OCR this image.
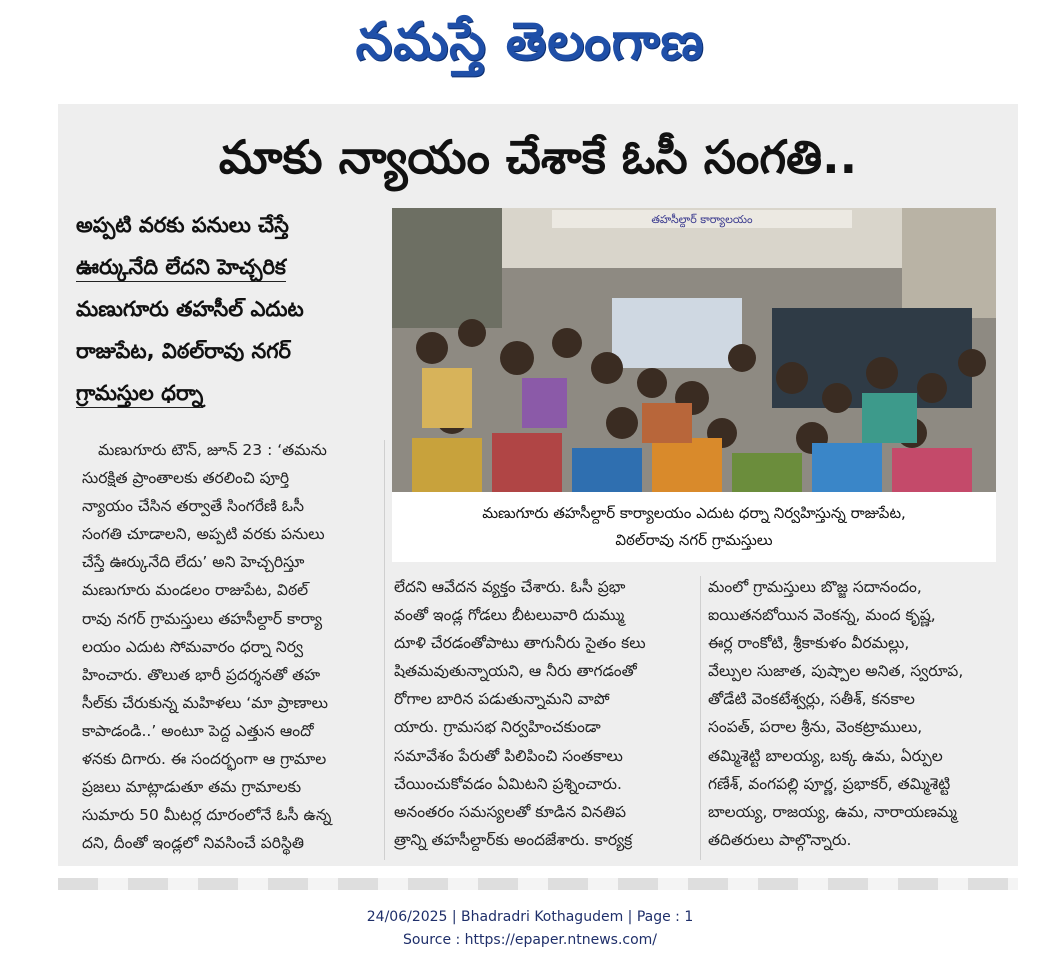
నమస్తే తెలంగాణ
మాకు న్యాయం చేశాకే ఓసీ సంగతి..
అప్పటి వరకు పనులు చేస్తే
ఊర్కునేది లేదని హెచ్చరిక
మణుగూరు తహసీల్ ఎదుట
రాజుపేట, విఠల్‌రావు నగర్
గ్రామస్తుల ధర్నా
తహసీల్దార్ కార్యాలయం
మణుగూరు తహసీల్దార్ కార్యాలయం ఎదుట ధర్నా నిర్వహిస్తున్న రాజుపేట,
విఠల్‌రావు నగర్ గ్రామస్తులు

మణుగూరు టౌన్, జూన్ 23 : ‘తమను

సురక్షిత ప్రాంతాలకు తరలించి పూర్తి

న్యాయం చేసిన తర్వాతే సింగరేణి ఓసీ

సంగతి చూడాలని, అప్పటి వరకు పనులు

చేస్తే ఊర్కునేది లేదు’ అని హెచ్చరిస్తూ

మణుగూరు మండలం రాజుపేట, విఠల్

రావు నగర్ గ్రామస్తులు తహసీల్దార్ కార్యా

లయం ఎదుట సోమవారం ధర్నా నిర్వ

హించారు. తొలుత భారీ ప్రదర్శనతో తహ

సీల్‌కు చేరుకున్న మహిళలు ‘మా ప్రాణాలు

కాపాడండి..’ అంటూ పెద్ద ఎత్తున ఆందో

ళనకు దిగారు. ఈ సందర్భంగా ఆ గ్రామాల

ప్రజలు మాట్లాడుతూ తమ గ్రామాలకు

సుమారు 50 మీటర్ల దూరంలోనే ఓసీ ఉన్న

దని, దీంతో ఇండ్లలో నివసించే పరిస్థితి

లేదని ఆవేదన వ్యక్తం చేశారు. ఓసీ ప్రభా

వంతో ఇండ్ల గోడలు బీటలువారి దుమ్ము

దూళి చేరడంతోపాటు తాగునీరు సైతం కలు

షితమవుతున్నాయని, ఆ నీరు తాగడంతో

రోగాల బారిన పడుతున్నామని వాపో

యారు. గ్రామసభ నిర్వహించకుండా

సమావేశం పేరుతో పిలిపించి సంతకాలు

చేయించుకోవడం ఏమిటని ప్రశ్నించారు.

అనంతరం సమస్యలతో కూడిన వినతిప

త్రాన్ని తహసీల్దార్‌కు అందజేశారు. కార్యక్ర

మంలో గ్రామస్తులు బొజ్జ సదానందం,

ఐయితనబోయిన వెంకన్న, మంద కృష్ణ,

ఈర్ల రాంకోటి, శ్రీకాకుళం వీరమల్లు,

వేల్పుల సుజాత, పుష్పాల అనిత, స్వరూప,

తోడేటి వెంకటేశ్వర్లు, సతీశ్, కనకాల

సంపత్, పరాల శ్రీను, వెంకట్రాములు,

తమ్మిశెట్టి బాలయ్య, బక్క ఉమ, ఏర్పుల

గణేశ్, వంగపల్లి పూర్ణ, ప్రభాకర్, తమ్మిశెట్టి

బాలయ్య, రాజయ్య, ఉమ, నారాయణమ్మ

తదితరులు పాల్గొన్నారు.

24/06/2025 | Bhadradri Kothagudem | Page : 1
Source : https://epaper.ntnews.com/
